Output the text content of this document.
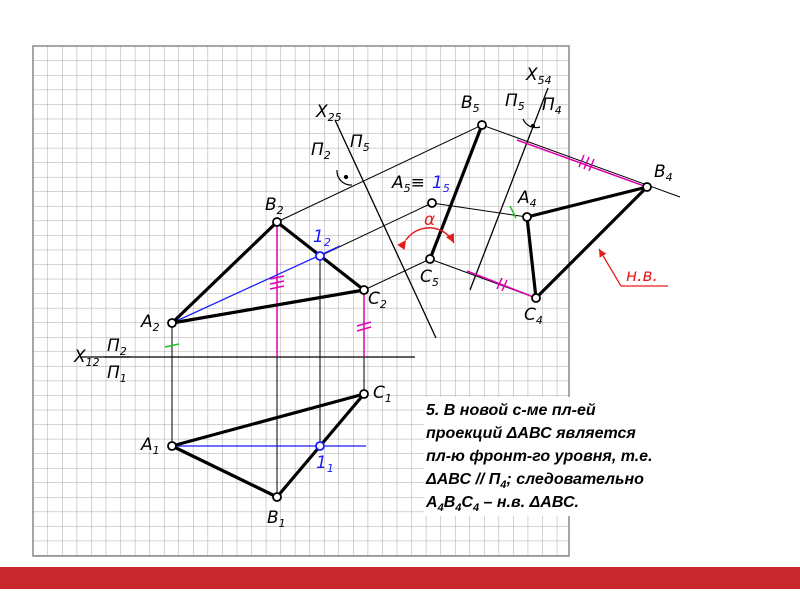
$X_{12}$
$П_2$
$П_1$
$X_{25}$
$П_2$
$П_5$
$X_{54}$
$П_5$ $П_4$
$A_2$
$B_2$
$C_2$
$1_2$
$A_1$
$B_1$
$C_1$
$1_1$
$B_5$
$A_5\equiv 1_5$
$C_5$
α
$A_4$
$B_4$
$C_4$
н.в.
5. В новой с-ме пл-ей
проекций ΔАВС является
пл-ю фронт-го уровня, т.е.
ΔАВС // $П_4$; следовательно
$А_4В_4С_4 - н.в$. ΔАВС.
